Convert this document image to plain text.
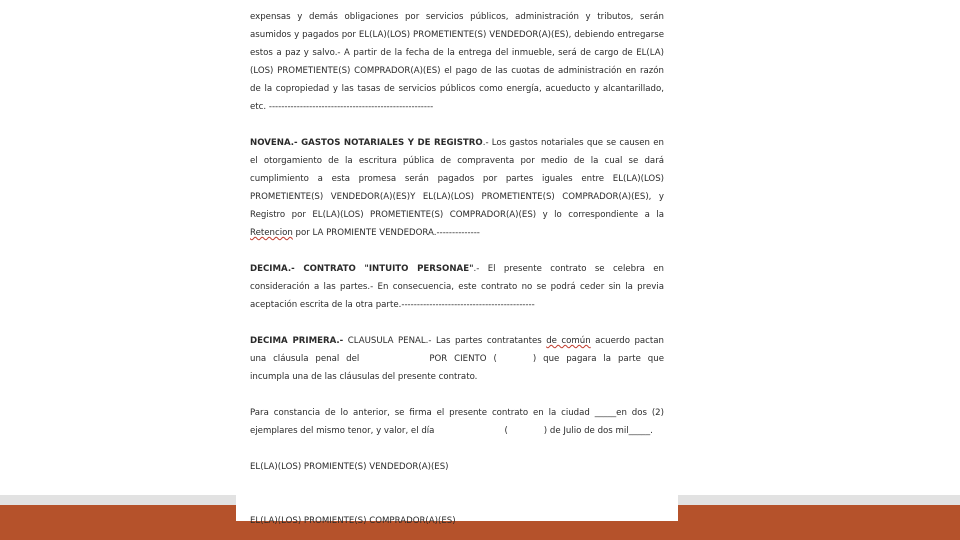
expensas y demás obligaciones por servicios públicos, administración y tributos, serán asumidos y pagados por EL(LA)(LOS) PROMETIENTE(S) VENDEDOR(A)(ES), debiendo entregarse estos a paz y salvo.- A partir de la fecha de la entrega del inmueble, será de cargo de EL(LA)(LOS) PROMETIENTE(S) COMPRADOR(A)(ES) el pago de las cuotas de administración en razón de la copropiedad y las tasas de servicios públicos como energía, acueducto y alcantarillado, etc. -----------------------------------------------------

NOVENA.- GASTOS NOTARIALES Y DE REGISTRO.- Los gastos notariales que se causen en el otorgamiento de la escritura pública de compraventa por medio de la cual se dará cumplimiento a esta promesa serán pagados por partes iguales entre EL(LA)(LOS) PROMETIENTE(S) VENDEDOR(A)(ES)Y EL(LA)(LOS) PROMETIENTE(S) COMPRADOR(A)(ES), y Registro por EL(LA)(LOS) PROMETIENTE(S) COMPRADOR(A)(ES) y lo correspondiente a la Retencion por LA PROMIENTE VENDEDORA.--------------

DECIMA.- CONTRATO "INTUITO PERSONAE".- El presente contrato se celebra en consideración a las partes.- En consecuencia, este contrato no se podrá ceder sin la previa aceptación escrita de la otra parte.-------------------------------------------

DECIMA PRIMERA.- CLAUSULA PENAL.- Las partes contratantes de común acuerdo pactan una cláusula penal del	POR CIENTO (	) que pagara la parte que incumpla una de las cláusulas del presente contrato.

Para constancia de lo anterior, se firma el presente contrato en la ciudad _____en dos (2) ejemplares del mismo tenor, y valor, el día	(	) de Julio de dos mil_____.

EL(LA)(LOS) PROMIENTE(S) VENDEDOR(A)(ES)

EL(LA)(LOS) PROMIENTE(S) COMPRADOR(A)(ES)
